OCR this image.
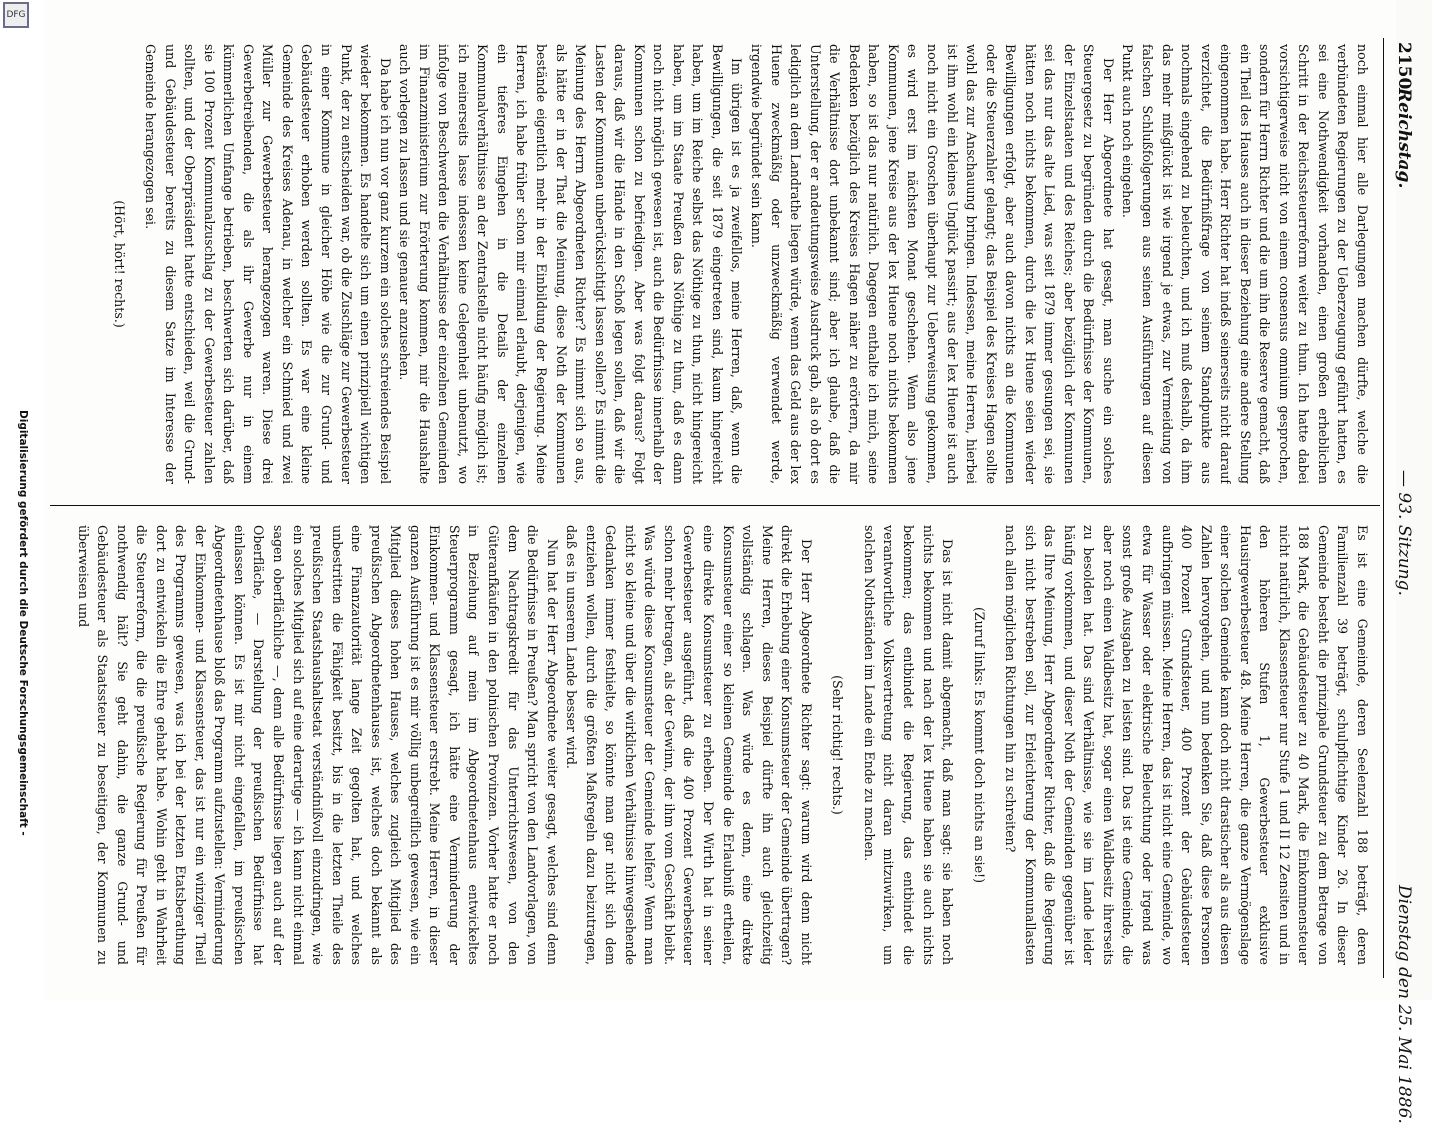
2150
Reichstag.
— 93. Sitzung.
Dienstag den 25. Mai 1886.

noch einmal hier alle Darlegungen machen dürfte, welche die verbündeten Regierungen zu der Ueberzeugung geführt hatten, es sei eine Nothwendigkeit vorhanden, einen großen erheblichen Schritt in der Reichssteuerreform weiter zu thun. Ich hatte dabei vorsichtigerweise nicht von einem consensus omnium gesprochen, sondern für Herrn Richter und die um ihn die Reserve gemacht, daß ein Theil des Hauses auch in dieser Beziehung eine andere Stellung eingenommen habe. Herr Richter hat indeß seinerseits nicht darauf verzichtet, die Bedürfnißfrage von seinem Standpunkte aus nochmals eingehend zu beleuchten, und ich muß deshalb, da ihm das mehr mißglückt ist wie irgend je etwas, zur Vermeidung von falschen Schlußfolgerungen aus seinen Ausführungen auf diesen Punkt auch noch eingehen.

Der Herr Abgeordnete hat gesagt, man suche ein solches Steuergesetz zu begründen durch die Bedürfnisse der Kommunen, der Einzelstaaten und des Reiches; aber bezüglich der Kommunen sei das nur das alte Lied, was seit 1879 immer gesungen sei, sie hätten noch nichts bekommen, durch die lex Huene seien wieder Bewilligungen erfolgt, aber auch davon nichts an die Kommunen oder die Steuerzahler gelangt; das Beispiel des Kreises Hagen sollte wohl das zur Anschauung bringen. Indessen, meine Herren, hierbei ist ihm wohl ein kleines Unglück passirt; aus der lex Huene ist auch noch nicht ein Groschen überhaupt zur Ueberweisung gekommen, es wird erst im nächsten Monat geschehen. Wenn also jene Kommunen, jene Kreise aus der lex Huene noch nichts bekommen haben, so ist das nur natürlich. Dagegen enthalte ich mich, seine Bedenken bezüglich des Kreises Hagen näher zu erörtern, da mir die Verhältnisse dort unbekannt sind; aber ich glaube, daß die Unterstellung, der er andeutungsweise Ausdruck gab, als ob dort es lediglich an dem Landrathe liegen würde, wenn das Geld aus der lex Huene zweckmäßig oder unzweckmäßig verwendet werde, irgendwie begründet sein kann.

Im übrigen ist es ja zweifellos, meine Herren, daß, wenn die Bewilligungen, die seit 1879 eingetreten sind, kaum hingereicht haben, um im Reiche selbst das Nöthige zu thun, nicht hingereicht haben, um im Staate Preußen das Nöthige zu thun, daß es dann noch nicht möglich gewesen ist, auch die Bedürfnisse innerhalb der Kommunen schon zu befriedigen. Aber was folgt daraus? Folgt daraus, daß wir die Hände in den Schoß legen sollen, daß wir die Lasten der Kommunen unberücksichtigt lassen sollen? Es nimmt die Meinung des Herrn Abgeordneten Richter? Es nimmt sich so aus, als hätte er in der That die Meinung, diese Noth der Kommunen bestände eigentlich mehr in der Einbildung der Regierung. Meine Herren, ich habe früher schon mir einmal erlaubt, derjenigen, wie ein tieferes Eingehen in die Details der einzelnen Kommunalverhältnisse an der Zentralstelle nicht häufig möglich ist; ich meinerseits lasse indessen keine Gelegenheit unbenutzt, wo infolge von Beschwerden die Verhältnisse der einzelnen Gemeinden im Finanzministerium zur Erörterung kommen, mir die Haushalte auch vorlegen zu lassen und sie genauer anzusehen.

Da habe ich nun vor ganz kurzem ein solches schreiendes Beispiel wieder bekommen. Es handelte sich um einen prinzipiell wichtigen Punkt, der zu entscheiden war, ob die Zuschläge zur Gewerbesteuer in einer Kommune in gleicher Höhe wie die zur Grund- und Gebäudesteuer erhoben werden sollten. Es war eine kleine Gemeinde des Kreises Adenau, in welcher ein Schmied und zwei Müller zur Gewerbesteuer herangezogen waren. Diese drei Gewerbetreibenden, die als ihr Gewerbe nur in einem kümmerlichen Umfange betrieben, beschwerten sich darüber, daß sie 100 Prozent Kommunalzuschlag zu der Gewerbesteuer zahlen sollten, und der Oberpräsident hatte entschieden, weil die Grund- und Gebäudesteuer bereits zu diesem Satze im Interesse der Gemeinde herangezogen sei.

(Hört, hört! rechts.)

Es ist eine Gemeinde, deren Seelenzahl 188 beträgt, deren Familienzahl 39 beträgt, schulpflichtige Kinder 26. In dieser Gemeinde besteht die prinzipale Grundsteuer zu dem Betrage von 188 Mark, die Gebäudesteuer zu 40 Mark, die Einkommensteuer nicht natürlich, Klassensteuer nur Stufe 1 und II 12 Zensiten und in den höheren Stufen 1, Gewerbesteuer exklusive Hausirgewerbesteuer 48. Meine Herren, die ganze Vermögenslage einer solchen Gemeinde kann doch nicht drastischer als aus diesen Zahlen hervorgehen, und nun bedenken Sie, daß diese Personen 400 Prozent Grundsteuer, 400 Prozent der Gebäudesteuer aufbringen müssen. Meine Herren, das ist nicht eine Gemeinde, wo etwa für Wasser oder elektrische Beleuchtung oder irgend was sonst große Ausgaben zu leisten sind. Das ist eine Gemeinde, die aber noch einen Waldbesitz hat, sogar einen Waldbesitz ihrerseits zu besolden hat. Das sind Verhältnisse, wie sie im Lande leider häufig vorkommen, und dieser Noth der Gemeinden gegenüber ist das Ihre Meinung, Herr Abgeordneter Richter, daß die Regierung sich nicht bestreben soll, zur Erleichterung der Kommunallasten nach allen möglichen Richtungen hin zu schreiten?

(Zuruf links: Es kommt doch nichts an sie!)

Das ist nicht damit abgemacht, daß man sagt: sie haben noch nichts bekommen und nach der lex Huene haben sie auch nichts bekommen; das entbindet die Regierung, das entbindet die verantwortliche Volksvertretung nicht daran mitzuwirken, um solchen Nothständen im Lande ein Ende zu machen.

(Sehr richtig! rechts.)

Der Herr Abgeordnete Richter sagt: warum wird denn nicht direkt die Erhebung einer Konsumsteuer der Gemeinde übertragen? Meine Herren, dieses Beispiel dürfte ihn auch gleichzeitig vollständig schlagen. Was würde es denn, eine direkte Konsumsteuer einer so kleinen Gemeinde die Erlaubniß ertheilen, eine direkte Konsumsteuer zu erheben. Der Wirth hat in seiner Gewerbesteuer ausgeführt, daß die 400 Prozent Gewerbesteuer schon mehr betragen, als der Gewinn, der ihm vom Geschäft bleibt. Was würde diese Konsumsteuer der Gemeinde helfen? Wenn man nicht so kleine und über die wirklichen Verhältnisse hinwegsehende Gedanken immer festhielte, so könnte man gar nicht sich dem entziehen wollen, durch die größten Maßregeln dazu beizutragen, daß es in unserem Lande besser wird.

Nun hat der Herr Abgeordnete weiter gesagt, welches sind denn die Bedürfnisse in Preußen? Man spricht von den Landvorlagen, von dem Nachtragskredit für das Unterrichtswesen, von den Güteranfkäufen in den polnischen Provinzen. Vorher hatte er noch in Beziehung auf mein im Abgeordnetenhaus entwickeltes Steuerprogramm gesagt, ich hätte eine Verminderung der Einkommen- und Klassensteuer erstrebt. Meine Herren, in dieser ganzen Ausführung ist es mir völlig unbegreiflich gewesen, wie ein Mitglied dieses hohen Hauses, welches zugleich Mitglied des preußischen Abgeordnetenhauses ist, welches doch bekannt als eine Finanzautorität lange Zeit gegolten hat, und welches unbestritten die Fähigkeit besitzt, bis in die letzten Theile des preußischen Staatshaushaltsetat verständnißvoll einzudringen, wie ein solches Mitglied sich auf eine derartige — ich kann nicht einmal sagen oberflächliche —, denn alle Bedürfnisse liegen auch auf der Oberfläche, — Darstellung der preußischen Bedürfnisse hat einlassen können. Es ist mir nicht eingefallen, im preußischen Abgeordnetenhause bloß das Programm aufzustellen: Verminderung der Einkommen- und Klassensteuer, das ist nur ein winziger Theil des Programms gewesen, was ich bei der letzten Etatsberathung dort zu entwickeln die Ehre gehabt habe. Wohin geht in Wahrheit die Steuerreform, die die preußische Regierung für Preußen für nothwendig hält? Sie geht dahin, die ganze Grund- und Gebäudesteuer als Staatssteuer zu beseitigen, der Kommunen zu überweisen und

Digitalisierung gefördert durch die Deutsche Forschungsgemeinschaft -
DFG
